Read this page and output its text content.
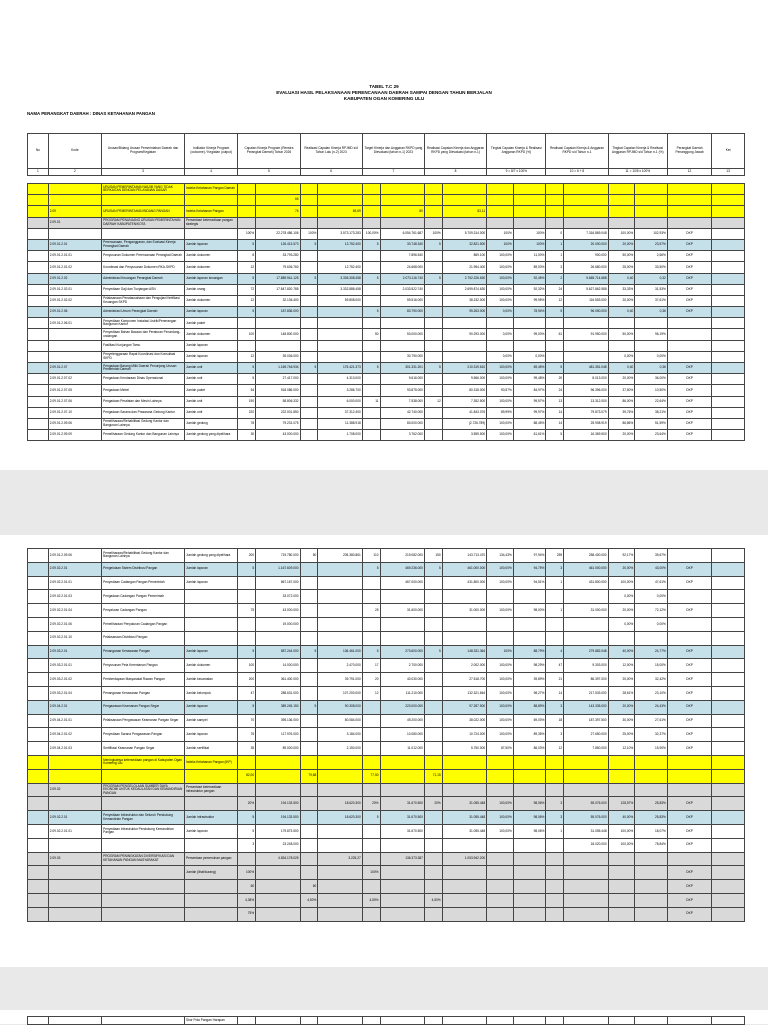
TABEL T.C 29
EVALUASI HASIL PELAKSANAAN PERENCANAAN DAERAH SAMPAI DENGAN TAHUN BERJALAN
KABUPATEN OGAN KOMERING ULU
NAMA PERANGKAT DAERAH : DINAS KETAHANAN PANGAN
No	Kode	Urusan/Bidang Urusan Pemerintahan Daerah dan Program/Kegiatan	Indikator Kinerja Program (outcome) / Kegiatan (output)	Capaian Kinerja Program (Renstra Perangkat Daerah) Tahun 2026	Realisasi Capaian Kinerja RPJMD s/d Tahun Lalu (n-2) 2023	Target Kinerja dan Anggaran RKPD yang Dievaluasi (tahun n-1) 2023	Realisasi Capaian Kinerja dan Anggaran RKPD yang Dievaluasi (tahun n-1)	Tingkat Capaian Kinerja & Realisasi Anggaran RKPD (%)	Realisasi Capaian Kinerja & Anggaran RKPD s/d Tahun n-1	Tingkat Capaian Kinerja & Realisasi Anggaran RPJMD s/d Tahun n-1 (%)	Perangkat Daerah Penanggung Jawab	Ket
1	2	3	4	5	6	7	8	9 = 8/7 x 100%	10 = 6 + 8	11 = 10/5 x 100%	12	13
		URUSAN PEMERINTAHAN WAJIB YANG TIDAK BERKAITAN DENGAN PELAYANAN DASAR	Indeks Ketahanan Pangan Daerah																
					65														
	2.09	URUSAN PEMERINTAHAN BIDANG PANGAN	Indeks Ketahanan Pangan		76		69,69		80		83,11								
	2.09.01	PROGRAM PENUNJANG URUSAN PEMERINTAHAN DAERAH KABUPATEN/KOTA	Persentase ketersediaan pangan strategis																
				100%	22.278.486.106	100%	3.573.173.283	100,00%	6.054.761.687	100%	5.709.314.000	100%	100%	0	7.316.869.048	100,00%	102,93%	DKP	
	2.09.01.2.01	Perencanaan, Penganggaran, dan Evaluasi Kinerja Perangkat Daerah	Jumlah laporan	5	126.413.573	5	13.752.400	5	33.748.340	5	32.821.500	100%	100%	1	20.000.000	20,00%	23,57%	DKP	
	2.09.01.2.01.01	Penyusunan Dokumen Perencanaan Perangkat Daerah	Jumlah dokumen	8	33.793.280				7.896.540		869.100	100,00%	11,00%	1	900.000	50,00%	2,66%	DKP	
	2.09.01.2.01.02	Koordinasi dan Penyusunan Dokumen RKA-SKPD	Jumlah dokumen	12	79.636.760		12.752.400		24.668.000		21.954.400	100,00%	89,00%	3	26.680.000	25,00%	33,50%	DKP	
	2.09.01.2.02	Administrasi Keuangan Perangkat Daerah	Jumlah laporan keuangan	5	17.889.941.125	5	3.335.308.458	5	2.073.116.740	5	2.752.226.630	100,00%	92,45%	2	5.665.714.688	0,40	0,32	DKP	
	2.09.01.2.02.01	Penyediaan Gaji dan Tunjangan ASN	Jumlah orang	72	17.847.820.785		3.332.888.458		2.033.522.740		2.699.874.630	100,00%	92,32%	24	5.627.862.588	33,33%	31,53%	DKP	
	2.09.01.2.02.02	Pelaksanaan Penatausahaan dan Pengujian/Verifikasi Keuangan SKPD	Jumlah dokumen	12	32.136.400		59.808.000		59.516.000		38.232.000	100,00%	99,95%	12	116.553.000	20,00%	37,61%	DKP	
	2.09.01.2.06	Administrasi Umum Perangkat Daerah	Jumlah laporan	5	187.836.000			5	83.790.000		95.263.000	0,00%	78,94%	5	96.050.000	0,40	0,36	DKP	
	2.09.01.2.06.01	Penyediaan Komponen Instalasi Listrik/Penerangan Bangunan Kantor	Jumlah paket																
		Penyediaan Bahan Bacaan dan Peraturan Perundang-undangan	Jumlah dokumen	100	148.800.000			50	53.000.000		90.293.000	0,00%	99,00%	61	91.950.000	50,00%	96,19%		
		Fasilitasi Kunjungan Tamu	Jumlah laporan																
		Penyelenggaraan Rapat Koordinasi dan Konsultasi SKPD	Jumlah laporan	12	39.036.000				30.790.000			0,00%	0,00%			0,00%	0,00%		
	2.09.01.2.07	Pengadaan Barang Milik Daerah Penunjang Urusan Pemerintah Daerah	Jumlah unit	5	1.169.746.934	5	175.421.373	5	301.331.201	5	210.319.610	100,00%	69,45%	5	481.351.048	0,40	0,36	DKP	
	2.09.01.2.07.02	Pengadaan Kendaraan Dinas Operasional	Jumlah unit	5	27.417.000		4.313.000		9.616.000		9.566.000	100,00%	99,48%	20	8.013.000	20,00%	36,00%	DKP	
	2.09.01.2.07.05	Pengadaan Mebel	Jumlah paket	54	918.086.000		3.286.700		93.875.000		80.318.000	90,57%	84,97%	24	96.396.000	37,50%	10,50%	DKP	
	2.09.01.2.07.06	Pengadaan Peralatan dan Mesin Lainnya	Jumlah unit	190	58.806.332		6.000.000	11	7.538.000	12	7.352.500	100,00%	99,57%	13	13.312.000	86,00%	22,64%	DKP	
	2.09.01.2.07.10	Pengadaan Sarana dan Prasarana Gedung Kantor	Jumlah unit	220	222.001.850		37.312.400		42.740.000		41.843.076	89,99%	99,97%	14	79.873.079	39,76%	38,21%	DKP	
	2.09.01.2.09.06	Pemeliharaan/Rehabilitasi Gedung Kantor dan Bangunan Lainnya	Jumlah gedung	78	79.231.075		11.388.918		83.000.000		(2.726.789)	100,00%	88,45%	14	25.908.919	86,86%	51,59%	DKP	
	2.09.01.2.09.09	Pemeliharaan Gedung Kantor dan Bangunan Lainnya	Jumlah gedung yang dipelihara	30	43.000.000		1.708.000		3.762.000		3.559.500	100,00%	61,61%	5	16.369.500	20,00%	23,64%	DKP	
	2.09.01.2.09.06	Pemeliharaan/Rehabilitasi Gedung Kantor dan Bangunan Lainnya	Jumlah gedung yang dipelihara	200	719.780.000	50	205.380.861	110	219.082.000	150	143.713.470	134,43%	97,94%	259	258.400.000	92,17%	39,67%		
	2.09.02.2.01	Pengelolaan Sistem Distribusi Pangan	Jumlah laporan	5	1.167.609.000			5	469.236.000	5	461.000.000	100,00%	94,75%	3	461.000.000	20,00%	43,00%	DKP	
	2.09.02.2.01.01	Penyediaan Cadangan Pangan Pemerintah	Jumlah laporan		867.167.000				467.000.000		431.800.000	100,00%	94,51%	1	431.800.000	100,00%	47,61%	DKP	
	2.09.02.2.01.03	Pengadaan Cadangan Pangan Pemerintah			33.072.000											0,00%	0,00%		
	2.09.02.2.01.04	Penyaluran Cadangan Pangan		75	43.000.000			25	31.600.000		31.000.000	100,00%	98,00%	1	31.000.000	20,00%	72,12%	DKP	
	2.09.02.2.01.06	Pemeliharaan Penyaluran Cadangan Pangan			19.000.000											0,00%	0,00%		
	2.09.02.2.01.10	Pelaksanaan Distribusi Pangan																	
	2.09.03.2.01	Penanganan Kerawanan Pangan	Jumlah laporan	5	587.244.000	5	136.461.000	5	273.600.000	5	148.331.364	100%	88,79%	4	279.882.048	40,00%	24,77%	DKP	
	2.09.03.2.01.01	Penyusunan Peta Kerentanan Pangan	Jumlah dokumen	100	14.000.000		2.470.000	17	2.700.000		2.002.000	100,00%	98,29%	47	9.303.000	12,00%	15,00%	DKP	
	2.09.03.2.01.02	Pemberdayaan Masyarakat Rawan Pangan	Jumlah kecamatan	200	361.400.000		39.791.000	20	40.030.000		27.518.700	100,00%	39,89%	21	86.397.000	20,00%	32,42%	DKP	
	2.09.03.2.01.04	Penanganan Kerawanan Pangan	Jumlah kelompok	47	288.631.000		107.200.000	12	111.210.000		132.321.664	100,00%	98,27%	14	217.533.000	28,61%	23,10%	DKP	
	2.09.04.2.01	Pengawasan Keamanan Pangan Segar	Jumlah laporan	5	389.245.150	5	90.308.000		223.000.000		97.287.500	100,00%	88,89%	3	143.335.000	20,00%	24,43%	DKP	
	2.09.04.2.01.01	Pelaksanaan Pengawasan Keamanan Pangan Segar	Jumlah sampel	70	395.136.000		80.084.000		49.200.000		38.022.000	100,00%	69,03%	18	187.397.500	30,00%	27,61%	DKP	
	2.09.04.2.01.02	Penyediaan Sarana Pengawasan Pangan	Jumlah laporan	76	117.976.000		3.184.000		10.080.000		10.724.000	100,00%	89,35%	3	27.650.000	25,00%	32,37%	DKP	
	2.09.04.2.01.03	Sertifikasi Keamanan Pangan Segar	Jumlah sertifikat	35	89.000.000		2.150.000		11.012.000		5.750.000	87,50%	86,03%	12	7.850.000	12,10%	15,90%	DKP	
		Meningkatnya ketersediaan pangan di Kabupaten Ogan Komering Ulu	Indeks Ketahanan Pangan (IKP)																
				82,00		79,68		77,50		71,15									
	2.09.02	PROGRAM PENGELOLAAN SUMBER DAYA EKONOMI UNTUK KEDAULATAN DAN KEMANDIRIAN PANGAN	Persentase ketersediaan infrastruktur pangan																
				20%	194.133.500		18.620.300	20%	31.670.500	20%	31.055.448	100,00%	98,06%	3	55.076.000	128,57%	25,83%	DKP	
	2.09.02.2.01	Penyediaan Infrastruktur dan Seluruh Pendukung Kemandirian Pangan	Jumlah infrastruktur	5	194.133.500		18.620.300	5	31.670.500		31.055.448	100,00%	98,06%	3	55.076.000	40,00%	25,83%	DKP	
	2.09.02.2.01.01	Penyediaan Infrastruktur Pendukung Kemandirian Pangan	Jumlah laporan	5	179.873.500				31.670.500		31.055.448	100,00%	98,06%	1	31.055.448	100,00%	18,07%	DKP	
				3	23.248.000										18.020.000	100,00%	78,84%	DKP	
	2.09.03	PROGRAM PENINGKATAN DIVERSIFIKASI DAN KETAHANAN PANGAN MASYARAKAT	Persentase pemenuhan pangan		4.834.178.025		3.225,27		136.373.387		1.053.942.200								
			Jumlah (lihat/kurang)	100%				100%										DKP	
				60		60												DKP	
				4,38%		4,50%		4,50%		4,50%								DKP	
				75%														DKP	
			Skor Pola Pangan Harapan																
